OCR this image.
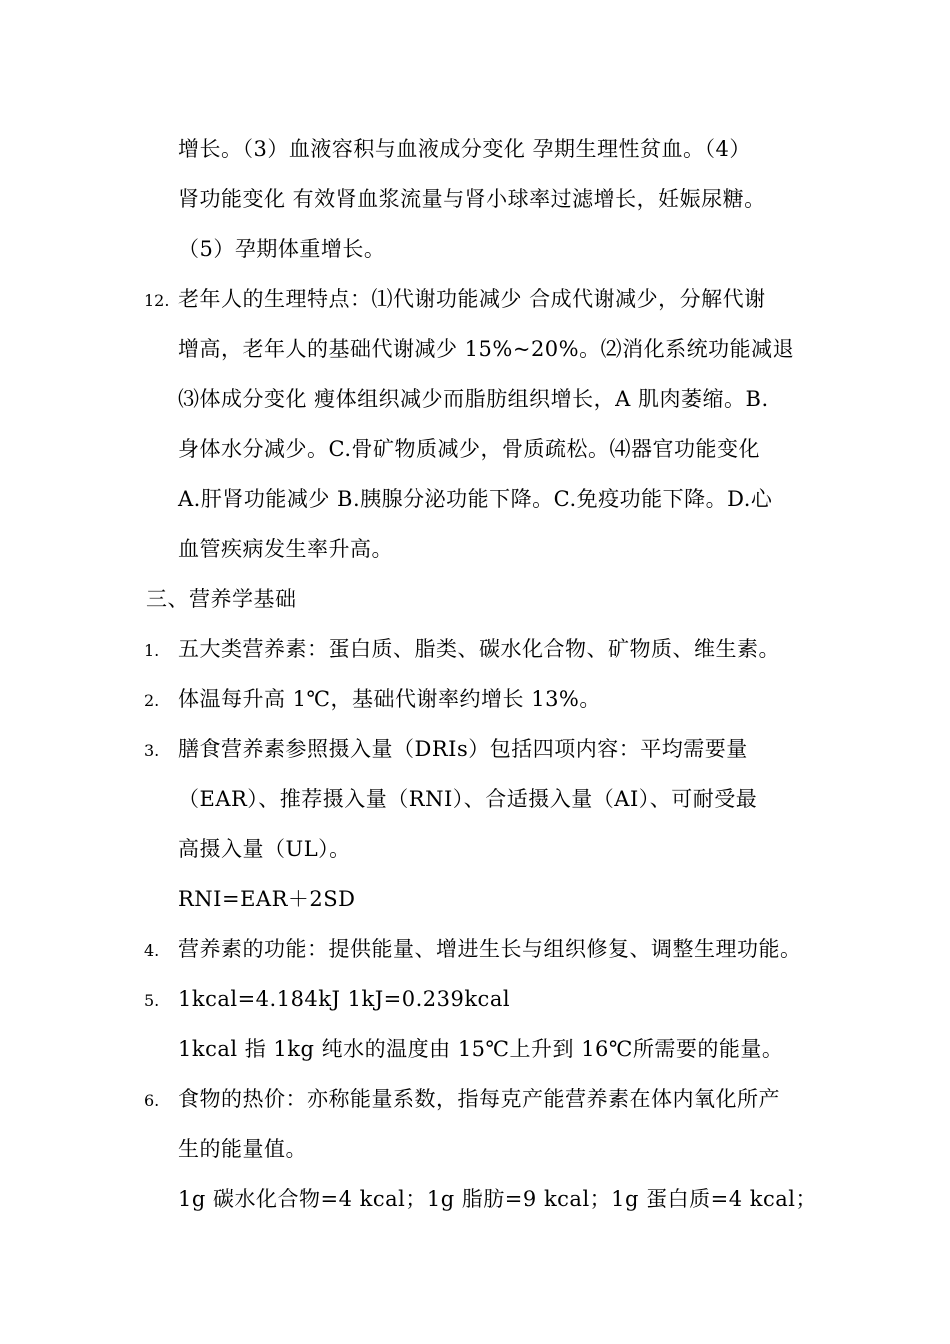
增长。（3）血液容积与血液成分变化 孕期生理性贫血。（4）
肾功能变化 有效肾血浆流量与肾小球率过滤增长，妊娠尿糖。
（5）孕期体重增长。
12. 老年人的生理特点：⑴代谢功能减少 合成代谢减少，分解代谢
增高，老年人的基础代谢减少 15%~20%。⑵消化系统功能减退
⑶体成分变化 瘦体组织减少而脂肪组织增长，A 肌肉萎缩。B.
身体水分减少。C.骨矿物质减少，骨质疏松。⑷器官功能变化
A.肝肾功能减少 B.胰腺分泌功能下降。C.免疫功能下降。D.心
血管疾病发生率升高。
三、营养学基础
1. 五大类营养素：蛋白质、脂类、碳水化合物、矿物质、维生素。
2. 体温每升高 1℃，基础代谢率约增长 13%。
3. 膳食营养素参照摄入量（DRIs）包括四项内容：平均需要量
（EAR）、推荐摄入量（RNI）、合适摄入量（AI）、可耐受最
高摄入量（UL）。
RNI=EAR＋2SD
4. 营养素的功能：提供能量、增进生长与组织修复、调整生理功能。
5. 1kcal=4.184kJ 1kJ=0.239kcal
1kcal 指 1kg 纯水的温度由 15℃上升到 16℃所需要的能量。
6. 食物的热价：亦称能量系数，指每克产能营养素在体内氧化所产
生的能量值。
1g 碳水化合物=4 kcal；1g 脂肪=9 kcal；1g 蛋白质=4 kcal；
